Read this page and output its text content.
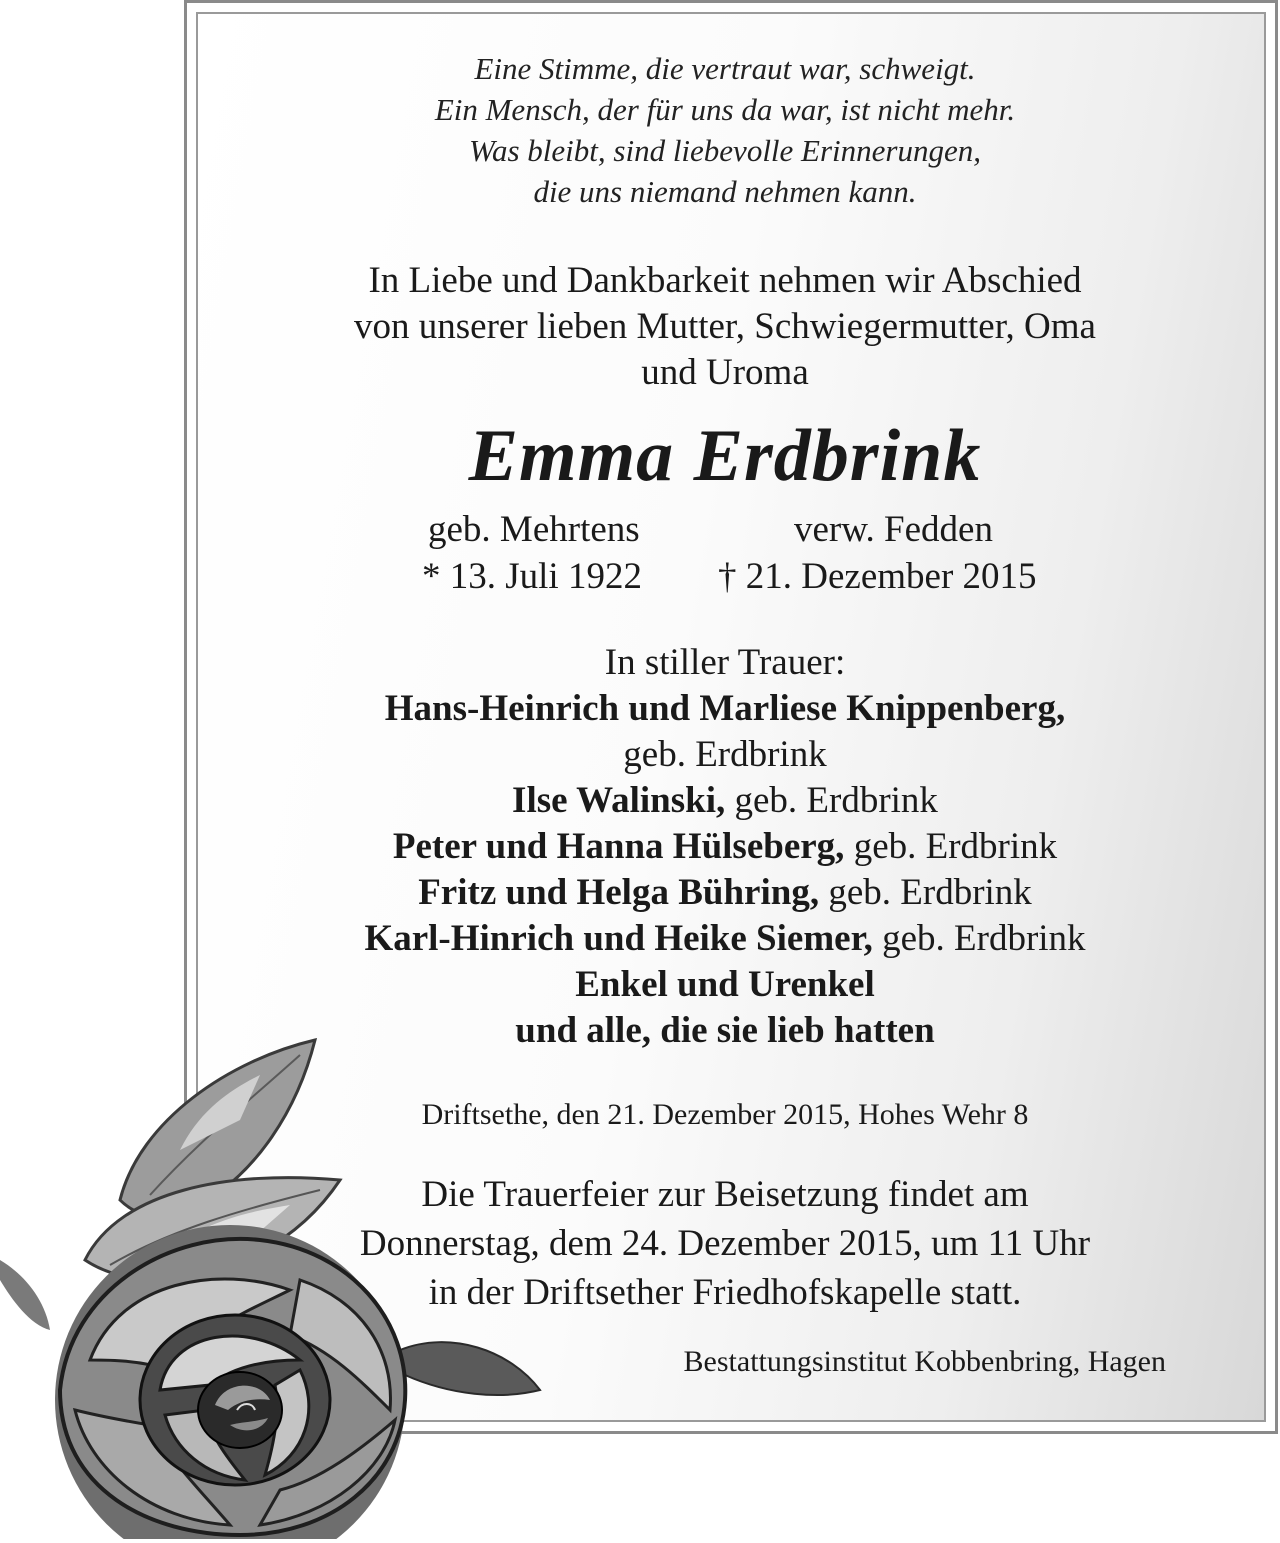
Eine Stimme, die vertraut war, schweigt.
Ein Mensch, der für uns da war, ist nicht mehr.
Was bleibt, sind liebevolle Erinnerungen,
die uns niemand nehmen kann.
In Liebe und Dankbarkeit nehmen wir Abschied
von unserer lieben Mutter, Schwiegermutter, Oma
und Uroma
Emma Erdbrink
geb. Mehrtens	verw. Fedden
* 13. Juli 1922 † 21. Dezember 2015
In stiller Trauer:
Hans-Heinrich und Marliese Knippenberg,
geb. Erdbrink
Ilse Walinski, geb. Erdbrink
Peter und Hanna Hülseberg, geb. Erdbrink
Fritz und Helga Bühring, geb. Erdbrink
Karl-Hinrich und Heike Siemer, geb. Erdbrink
Enkel und Urenkel
und alle, die sie lieb hatten
Driftsethe, den 21. Dezember 2015, Hohes Wehr 8
Die Trauerfeier zur Beisetzung findet am
Donnerstag, dem 24. Dezember 2015, um 11 Uhr
in der Driftsether Friedhofskapelle statt.
Bestattungsinstitut Kobbenbring, Hagen
